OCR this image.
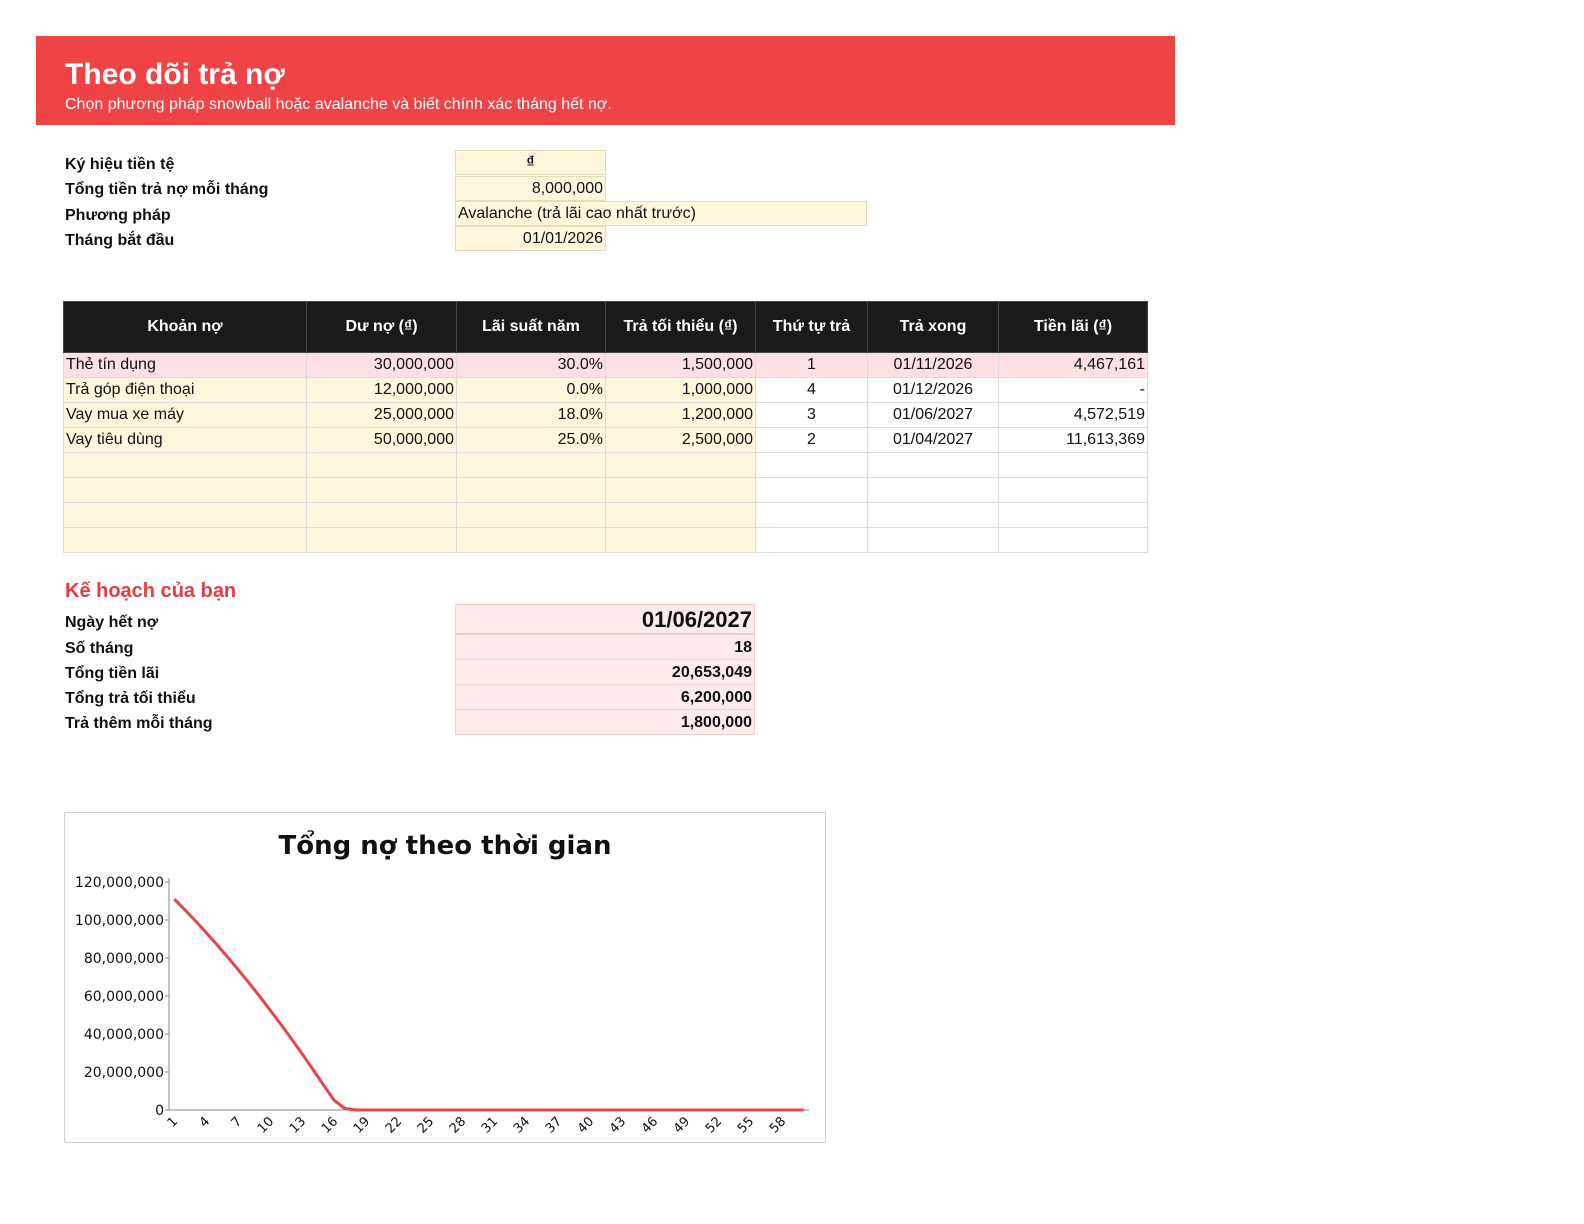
Theo dõi trả nợ
Chọn phương pháp snowball hoặc avalanche và biết chính xác tháng hết nợ.
Ký hiệu tiền tệ	₫
Tổng tiền trả nợ mỗi tháng	8,000,000
Phương pháp	Avalanche (trả lãi cao nhất trước)
Tháng bắt đầu	01/01/2026
Khoản nợ	Dư nợ (₫)	Lãi suất năm	Trả tối thiểu (₫)	Thứ tự trả	Trả xong	Tiền lãi (₫)
Thẻ tín dụng	30,000,000	30.0%	1,500,000	1	01/11/2026	4,467,161
Trả góp điện thoại	12,000,000	0.0%	1,000,000	4	01/12/2026	-
Vay mua xe máy	25,000,000	18.0%	1,200,000	3	01/06/2027	4,572,519
Vay tiêu dùng	50,000,000	25.0%	2,500,000	2	01/04/2027	11,613,369

Kế hoạch của bạn
Ngày hết nợ	01/06/2027
Số tháng	18
Tổng tiền lãi	20,653,049
Tổng trả tối thiểu	6,200,000
Trả thêm mỗi tháng	1,800,000
Tổng nợ theo thời gian
0
20,000,000
40,000,000
60,000,000
80,000,000
100,000,000
120,000,000
1 4 7 10 13 16 19 22 25 28 31 34 37 40 43 46 49 52 55 58
